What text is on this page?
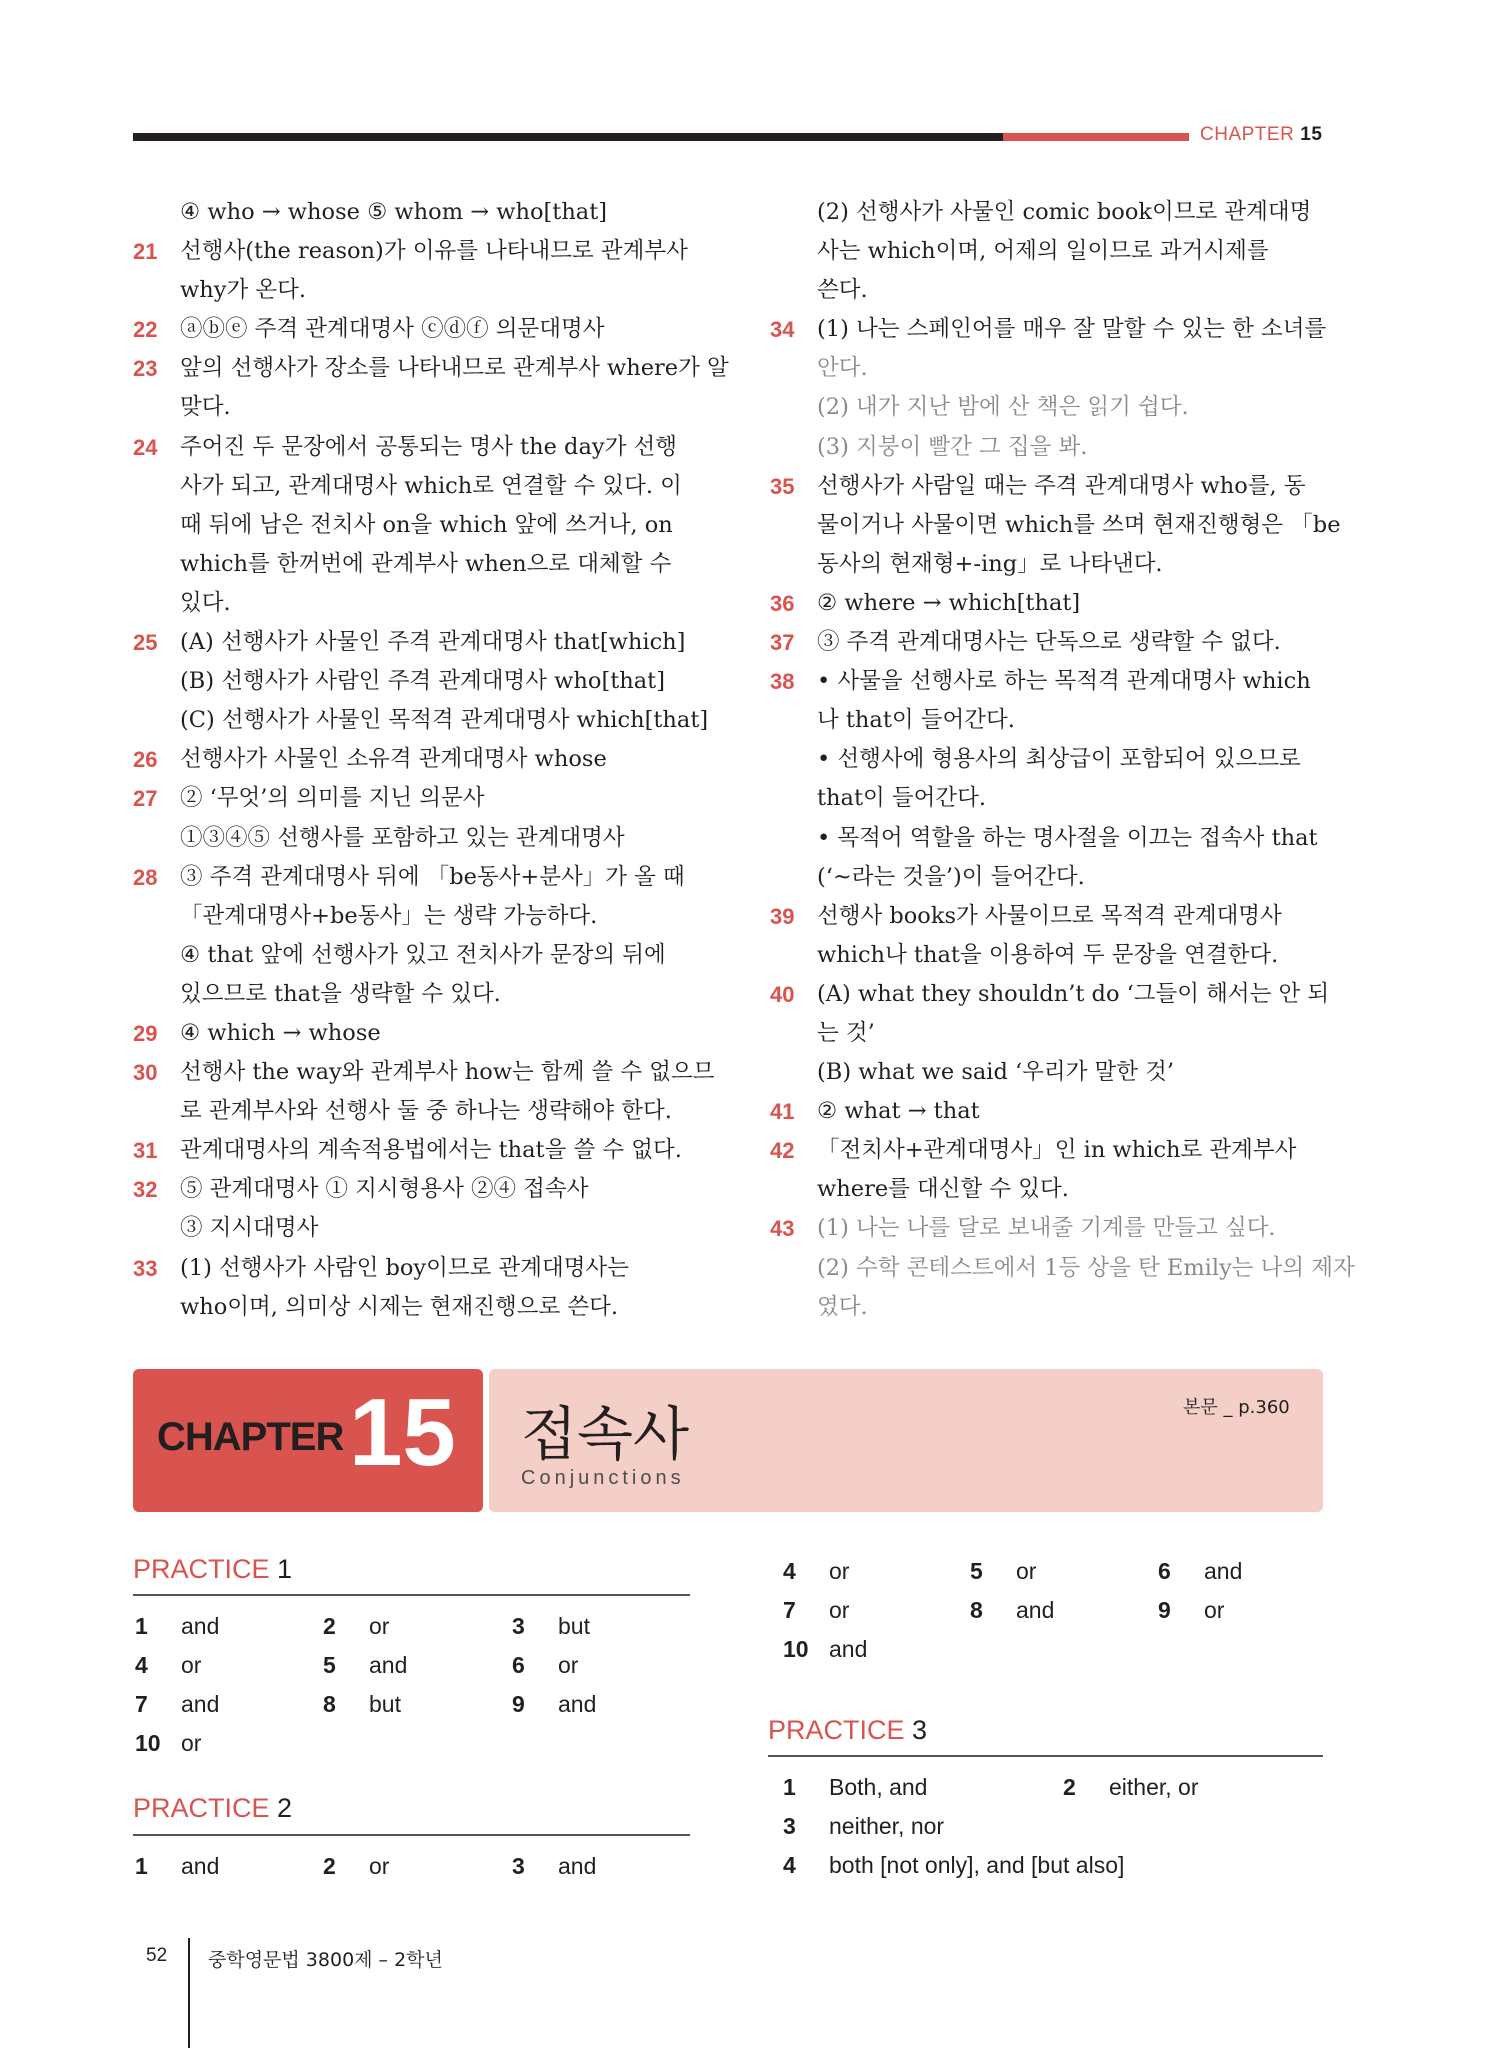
CHAPTER 15
④ who → whose ⑤ whom → who[that]
21 선행사(the reason)가 이유를 나타내므로 관계부사
why가 온다.
22 ⓐⓑⓔ 주격 관계대명사 ⓒⓓⓕ 의문대명사
23 앞의 선행사가 장소를 나타내므로 관계부사 where가 알
맞다.
24 주어진 두 문장에서 공통되는 명사 the day가 선행
사가 되고, 관계대명사 which로 연결할 수 있다. 이
때 뒤에 남은 전치사 on을 which 앞에 쓰거나, on
which를 한꺼번에 관계부사 when으로 대체할 수
있다.
25 (A) 선행사가 사물인 주격 관계대명사 that[which]
(B) 선행사가 사람인 주격 관계대명사 who[that]
(C) 선행사가 사물인 목적격 관계대명사 which[that]
26 선행사가 사물인 소유격 관계대명사 whose
27 ② ‘무엇’의 의미를 지닌 의문사
①③④⑤ 선행사를 포함하고 있는 관계대명사
28 ③ 주격 관계대명사 뒤에 「be동사+분사」가 올 때
「관계대명사+be동사」는 생략 가능하다.
④ that 앞에 선행사가 있고 전치사가 문장의 뒤에
있으므로 that을 생략할 수 있다.
29 ④ which → whose
30 선행사 the way와 관계부사 how는 함께 쓸 수 없으므
로 관계부사와 선행사 둘 중 하나는 생략해야 한다.
31 관계대명사의 계속적용법에서는 that을 쓸 수 없다.
32 ⑤ 관계대명사 ① 지시형용사 ②④ 접속사
③ 지시대명사
33 (1) 선행사가 사람인 boy이므로 관계대명사는
who이며, 의미상 시제는 현재진행으로 쓴다.
(2) 선행사가 사물인 comic book이므로 관계대명
사는 which이며, 어제의 일이므로 과거시제를
쓴다.
34 (1) 나는 스페인어를 매우 잘 말할 수 있는 한 소녀를
안다.
(2) 내가 지난 밤에 산 책은 읽기 쉽다.
(3) 지붕이 빨간 그 집을 봐.
35 선행사가 사람일 때는 주격 관계대명사 who를, 동
물이거나 사물이면 which를 쓰며 현재진행형은 「be
동사의 현재형+-ing」로 나타낸다.
36 ② where → which[that]
37 ③ 주격 관계대명사는 단독으로 생략할 수 없다.
38 • 사물을 선행사로 하는 목적격 관계대명사 which
나 that이 들어간다.
• 선행사에 형용사의 최상급이 포함되어 있으므로
that이 들어간다.
• 목적어 역할을 하는 명사절을 이끄는 접속사 that
(‘~라는 것을’)이 들어간다.
39 선행사 books가 사물이므로 목적격 관계대명사
which나 that을 이용하여 두 문장을 연결한다.
40 (A) what they shouldn’t do ‘그들이 해서는 안 되
는 것’
(B) what we said ‘우리가 말한 것’
41 ② what → that
42 「전치사+관계대명사」인 in which로 관계부사
where를 대신할 수 있다.
43 (1) 나는 나를 달로 보내줄 기계를 만들고 싶다.
(2) 수학 콘테스트에서 1등 상을 탄 Emily는 나의 제자
였다.
CHAPTER 15 접속사
Conjunctions
본문 _ p.360
PRACTICE 1
1 and	2 or	3 but
4 or	5 and	6 or
7 and	8 but	9 and
10 or
PRACTICE 2
1 and	2 or	3 and
4 or	5 or	6 and
7 or	8 and	9 or
10 and
PRACTICE 3
1 Both, and	2 either, or
3 neither, nor
4 both [not only], and [but also]
52 중학영문법 3800제 – 2학년
